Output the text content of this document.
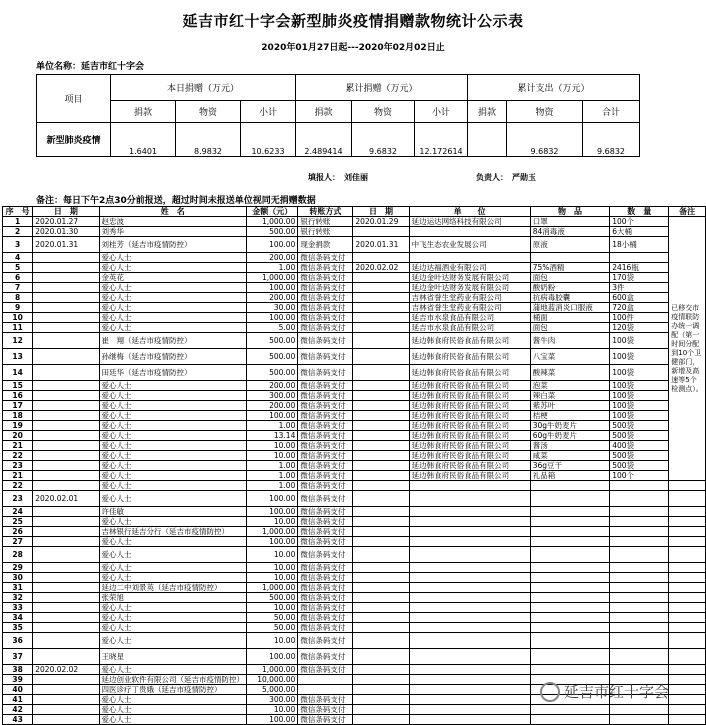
延吉市红十字会新型肺炎疫情捐赠款物统计公示表
2020年01月27日起---2020年02月02日止
单位名称：延吉市红十字会
项目	本日捐赠（万元）			累计捐赠（万元）			累计支出（万元）		
	捐款	物资	小计	捐款	物资	小计	捐款	物资	合计
新型肺炎疫情	1.6401	8.9832	10.6233	2.489414	9.6832	12.172614		9.6832	9.6832
填报人：　刘佳丽	负责人：　严勋玉
备注：每日下午2点30分前报送，超过时间未报送单位视同无捐赠数据
序　号	日　期	姓　名	金额（元）	转账方式	日　期	单　　位	物　品	数　量	备注
1	2020.01.27	赵忠波	1,000.00	银行转账	2020.01.29	延边运达网络科技有限公司	口罩	100个	已移交市疫情联防办统一调配（第一时间分配到10个卫健部门，新增及高速等5个检测点）。
2	2020.01.30	刘秀华	500.00	银行转账			84消毒液	6大桶	
3	2020.01.31	刘桂芳（延吉市疫情防控）	100.00	现金捐款	2020.01.31	中飞生态农业发展公司	原液	18小桶	
4		爱心人士	200.00	微信条码支付					
5		爱心人士	1.00	微信条码支付	2020.02.02	延边达福酒业有限公司	75%酒精	2416瓶	
6		金英花	1,000.00	微信条码支付		延边金叶达财务发展有限公司	面包	170袋	
7		爱心人士	100.00	微信条码支付		延边金叶达财务发展有限公司	酸奶粉	3件	
8		爱心人士	200.00	微信条码支付		吉林省誉生堂药业有限公司	抗病毒胶囊	600盒	
9		爱心人士	30.00	微信条码支付		吉林省誉生堂药业有限公司	蒲地蓝消炎口服液	720盒	
10		爱心人士	100.00	微信条码支付		延吉市水泉食品有限公司	桶面	100件	
11		爱心人士	5.00	微信条码支付		延吉市水泉食品有限公司	面包	120袋	
12		崔　翔（延吉市疫情防控）	500.00	微信条码支付		延边韩食府民俗食品有限公司	酱牛肉	100袋	
13		孙继梅（延吉市疫情防控）	500.00	微信条码支付		延边韩食府民俗食品有限公司	八宝菜	100袋	
14		田廷华（延吉市疫情防控）	500.00	微信条码支付		延边韩食府民俗食品有限公司	酸辣菜	100袋	
15		爱心人士	200.00	微信条码支付		延边韩食府民俗食品有限公司	泡菜	100袋	
16		爱心人士	300.00	微信条码支付		延边韩食府民俗食品有限公司	辣白菜	100袋	
17		爱心人士	200.00	微信条码支付		延边韩食府民俗食品有限公司	紫苏叶	100袋	
18		爱心人士	100.00	微信条码支付		延边韩食府民俗食品有限公司	桔梗	100袋	
19		爱心人士	1.00	微信条码支付		延边韩食府民俗食品有限公司	30g牛奶麦片	500袋	
20		爱心人士	13.14	微信条码支付		延边韩食府民俗食品有限公司	60g牛奶麦片	500袋	
21		爱心人士	10.00	微信条码支付		延边韩食府民俗食品有限公司	酱汤	400袋	
22		爱心人士	10.00	微信条码支付		延边韩食府民俗食品有限公司	咸菜	500袋	
23		爱心人士	1.00	微信条码支付		延边韩食府民俗食品有限公司	36g豆干	500袋	
21		爱心人士	1.00	微信条码支付		延边韩食府民俗食品有限公司	礼品箱	100个	
22		爱心人士	1.00	微信条码支付					
23	2020.02.01	爱心人士	100.00	微信条码支付					
24		许佳敏	100.00	微信条码支付					
25		爱心人士	10.00	微信条码支付					
26		吉林银行延吉分行（延吉市疫情防控）	1,000.00	微信条码支付					
27		爱心人士	100.00	微信条码支付					
28		爱心人士	10.00	微信条码支付					
29		爱心人士	10.00	微信条码支付					
30		爱心人士	10.00	微信条码支付					
31		延边二中刘景英（延吉市疫情防控）	1,000.00	微信条码支付					
32		张荣旭	500.00	微信条码支付					
33		爱心人士	10.00	微信条码支付					
34		爱心人士	50.00	微信条码支付					
35		爱心人士	50.00	微信条码支付					
36		爱心人士	10.00	微信条码支付					
37		王晓星	100.00	微信条码支付					
38	2020.02.02	爱心人士	1,000.00	微信条码支付					
39		延边创业软件有限公司（延吉市疫情防控）	10,000.00						
40		四医诊疗丁贵娥（延吉市疫情防控）	5,000.00						
41		爱心人士	300.00	微信条码支付					
42		爱心人士	10.00	微信条码支付					
43		爱心人士	100.00	微信条码支付					
延吉市红十字会
